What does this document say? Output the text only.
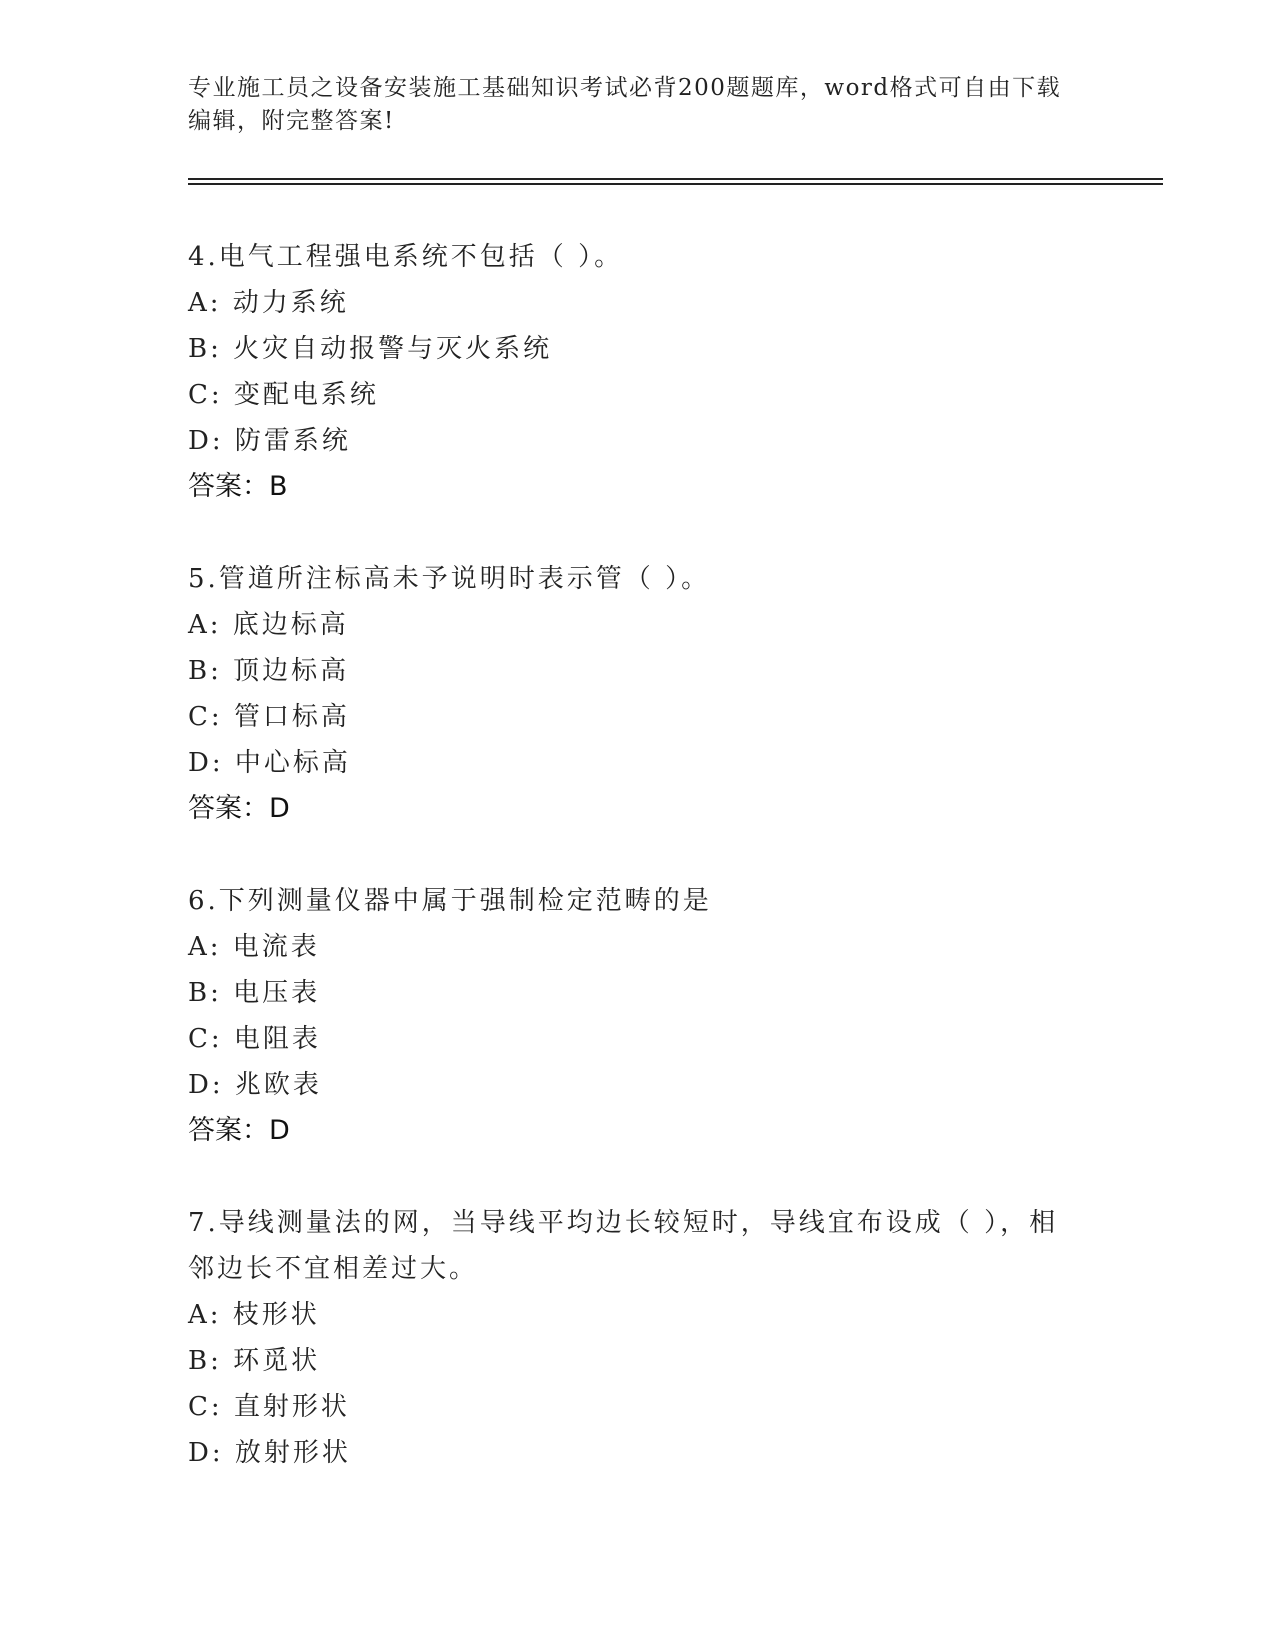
专业施工员之设备安装施工基础知识考试必背200题题库，word格式可自由下载
编辑，附完整答案!

4.电气工程强电系统不包括（ ）。

A: 动力系统

B: 火灾自动报警与灭火系统

C: 变配电系统

D: 防雷系统

答案：B

5.管道所注标高未予说明时表示管（ ）。

A: 底边标高

B: 顶边标高

C: 管口标高

D: 中心标高

答案：D

6.下列测量仪器中属于强制检定范畴的是

A: 电流表

B: 电压表

C: 电阻表

D: 兆欧表

答案：D

7.导线测量法的网，当导线平均边长较短时，导线宜布设成（ ），相

邻边长不宜相差过大。

A: 枝形状

B: 环觅状

C: 直射形状

D: 放射形状
